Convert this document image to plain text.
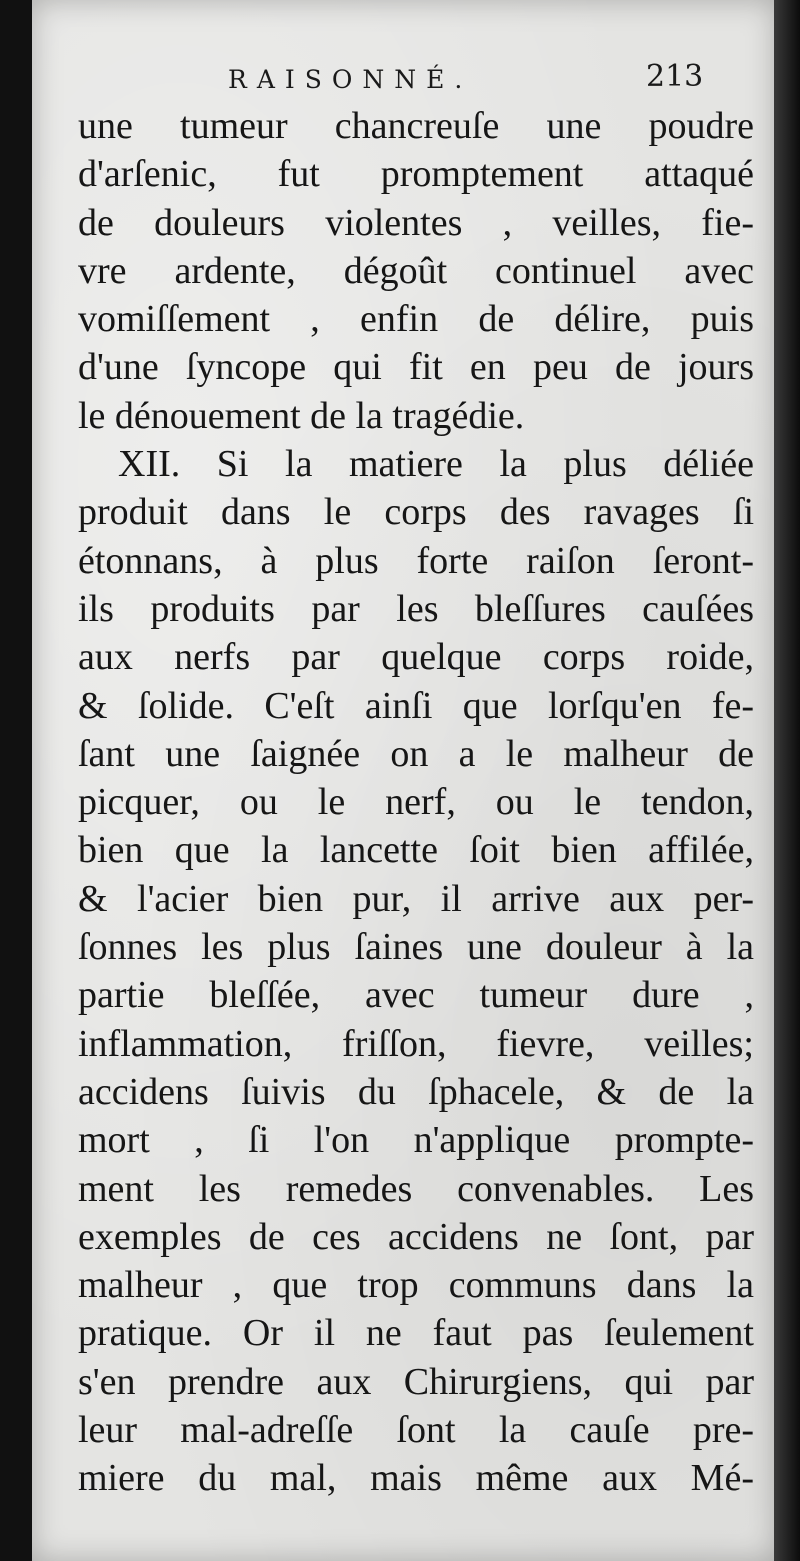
RAISONNÉ.	213
une tumeur chancreuſe une poudre
d'arſenic, fut promptement attaqué
de douleurs violentes , veilles, fie-
vre ardente, dégoût continuel avec
vomiſſement , enfin de délire, puis
d'une ſyncope qui fit en peu de jours
le dénouement de la tragédie.
XII. Si la matiere la plus déliée
produit dans le corps des ravages ſi
étonnans, à plus forte raiſon ſeront-
ils produits par les bleſſures cauſées
aux nerfs par quelque corps roide,
& ſolide. C'eſt ainſi que lorſqu'en fe-
ſant une ſaignée on a le malheur de
picquer, ou le nerf, ou le tendon,
bien que la lancette ſoit bien affilée,
& l'acier bien pur, il arrive aux per-
ſonnes les plus ſaines une douleur à la
partie bleſſée, avec tumeur dure ,
inflammation, friſſon, fievre, veilles;
accidens ſuivis du ſphacele, & de la
mort , ſi l'on n'applique prompte-
ment les remedes convenables. Les
exemples de ces accidens ne ſont, par
malheur , que trop communs dans la
pratique. Or il ne faut pas ſeulement
s'en prendre aux Chirurgiens, qui par
leur mal-adreſſe ſont la cauſe pre-
miere du mal, mais même aux Mé-
